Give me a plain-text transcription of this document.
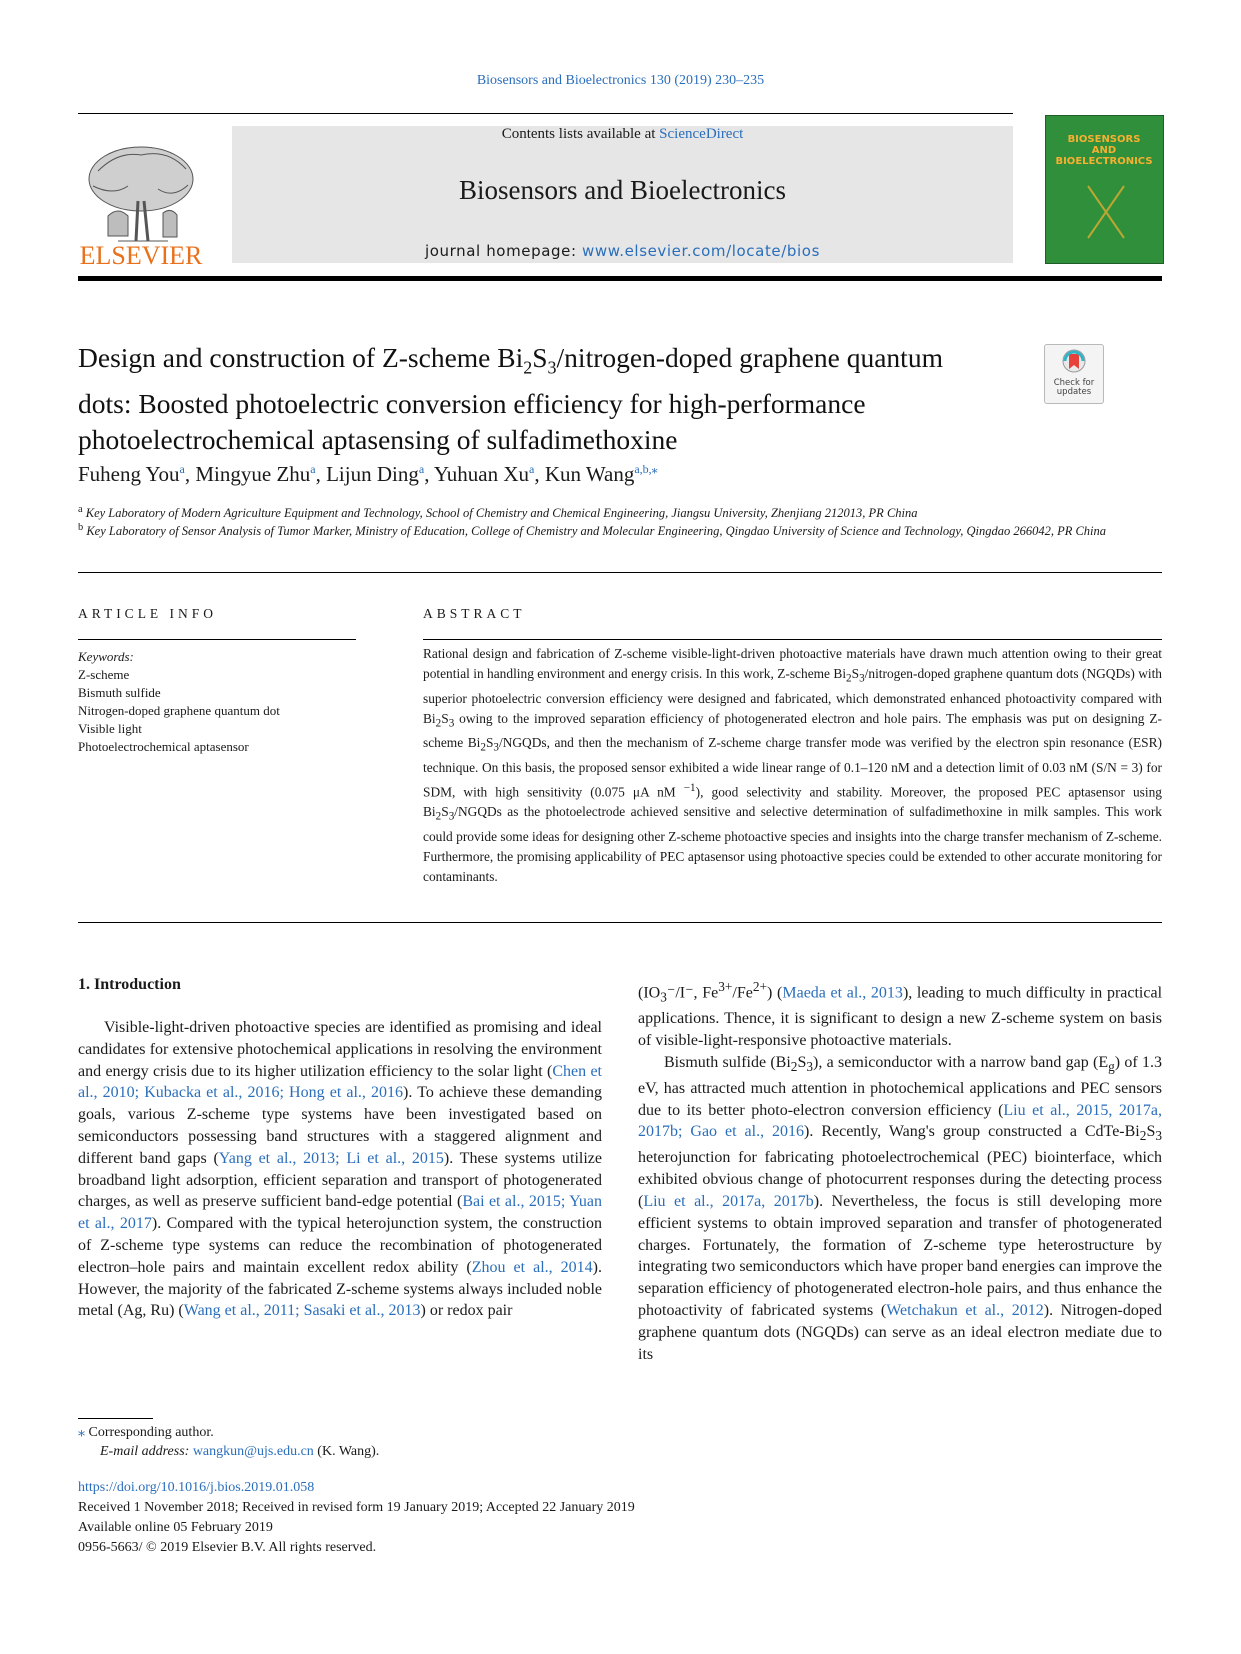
Biosensors and Bioelectronics 130 (2019) 230–235
ELSEVIER
Contents lists available at ScienceDirect
Biosensors and Bioelectronics
journal homepage: www.elsevier.com/locate/bios
BIOSENSORS AND BIOELECTRONICS
Design and construction of Z-scheme $Bi_2S_3/nitrogen$-doped graphene quantum dots: Boosted photoelectric conversion efficiency for high-performance photoelectrochemical aptasensing of sulfadimethoxine
Check for updates
Fuheng You$^a$, Mingyue Zhu$^a$, Lijun Ding$^a$, Yuhuan Xu$^a$, Kun Wang$^{a,b,⁎}$
$^a$ Key Laboratory of Modern Agriculture Equipment and Technology, School of Chemistry and Chemical Engineering, Jiangsu University, Zhenjiang 212013, PR China
$^b$ Key Laboratory of Sensor Analysis of Tumor Marker, Ministry of Education, College of Chemistry and Molecular Engineering, Qingdao University of Science and Technology, Qingdao 266042, PR China
ARTICLE INFO	ABSTRACT
Keywords:
Z-scheme
Bismuth sulfide
Nitrogen-doped graphene quantum dot
Visible light
Photoelectrochemical aptasensor
Rational design and fabrication of Z-scheme visible-light-driven photoactive materials have drawn much attention owing to their great potential in handling environment and energy crisis. In this work, Z-scheme $Bi_2S_3/nitrogen$-doped graphene quantum dots (NGQDs) with superior photoelectric conversion efficiency were designed and fabricated, which demonstrated enhanced photoactivity compared with $Bi_2S_3$ owing to the improved separation efficiency of photogenerated electron and hole pairs. The emphasis was put on designing Z-scheme $Bi_2S_3$/NGQDs, and then the mechanism of Z-scheme charge transfer mode was verified by the electron spin resonance (ESR) technique. On this basis, the proposed sensor exhibited a wide linear range of 0.1–120 nM and a detection limit of 0.03 nM (S/N = 3) for SDM, with high sensitivity (0.075 μA nM $^{-1}$), good selectivity and stability. Moreover, the proposed PEC aptasensor using $Bi_2S_3$/NGQDs as the photoelectrode achieved sensitive and selective determination of sulfadimethoxine in milk samples. This work could provide some ideas for designing other Z-scheme photoactive species and insights into the charge transfer mechanism of Z-scheme. Furthermore, the promising applicability of PEC aptasensor using photoactive species could be extended to other accurate monitoring for contaminants.
1. Introduction

Visible-light-driven photoactive species are identified as promising and ideal candidates for extensive photochemical applications in resolving the environment and energy crisis due to its higher utilization efficiency to the solar light (Chen et al., 2010; Kubacka et al., 2016; Hong et al., 2016). To achieve these demanding goals, various Z-scheme type systems have been investigated based on semiconductors possessing band structures with a staggered alignment and different band gaps (Yang et al., 2013; Li et al., 2015). These systems utilize broadband light adsorption, efficient separation and transport of photogenerated charges, as well as preserve sufficient band-edge potential (Bai et al., 2015; Yuan et al., 2017). Compared with the typical heterojunction system, the construction of Z-scheme type systems can reduce the recombination of photogenerated electron–hole pairs and maintain excellent redox ability (Zhou et al., 2014). However, the majority of the fabricated Z-scheme systems always included noble metal (Ag, Ru) (Wang et al., 2011; Sasaki et al., 2013) or redox pair

($IO_3^-/I^-$, $Fe^{3+}/Fe^{2+}$) (Maeda et al., 2013), leading to much difficulty in practical applications. Thence, it is significant to design a new Z-scheme system on basis of visible-light-responsive photoactive materials.

Bismuth sulfide $(Bi_2S_3)$, a semiconductor with a narrow band gap $(E_g)$ of 1.3 eV, has attracted much attention in photochemical applications and PEC sensors due to its better photo-electron conversion efficiency (Liu et al., 2015, 2017a, 2017b; Gao et al., 2016). Recently, Wang's group constructed a CdTe-$Bi_2S_3$ heterojunction for fabricating photoelectrochemical (PEC) biointerface, which exhibited obvious change of photocurrent responses during the detecting process (Liu et al., 2017a, 2017b). Nevertheless, the focus is still developing more efficient systems to obtain improved separation and transfer of photogenerated charges. Fortunately, the formation of Z-scheme type heterostructure by integrating two semiconductors which have proper band energies can improve the separation efficiency of photogenerated electron-hole pairs, and thus enhance the photoactivity of fabricated systems (Wetchakun et al., 2012). Nitrogen-doped graphene quantum dots (NGQDs) can serve as an ideal electron mediate due to its

⁎ Corresponding author.
E-mail address: wangkun@ujs.edu.cn (K. Wang).
https://doi.org/10.1016/j.bios.2019.01.058
Received 1 November 2018; Received in revised form 19 January 2019; Accepted 22 January 2019
Available online 05 February 2019
0956-5663/ © 2019 Elsevier B.V. All rights reserved.
